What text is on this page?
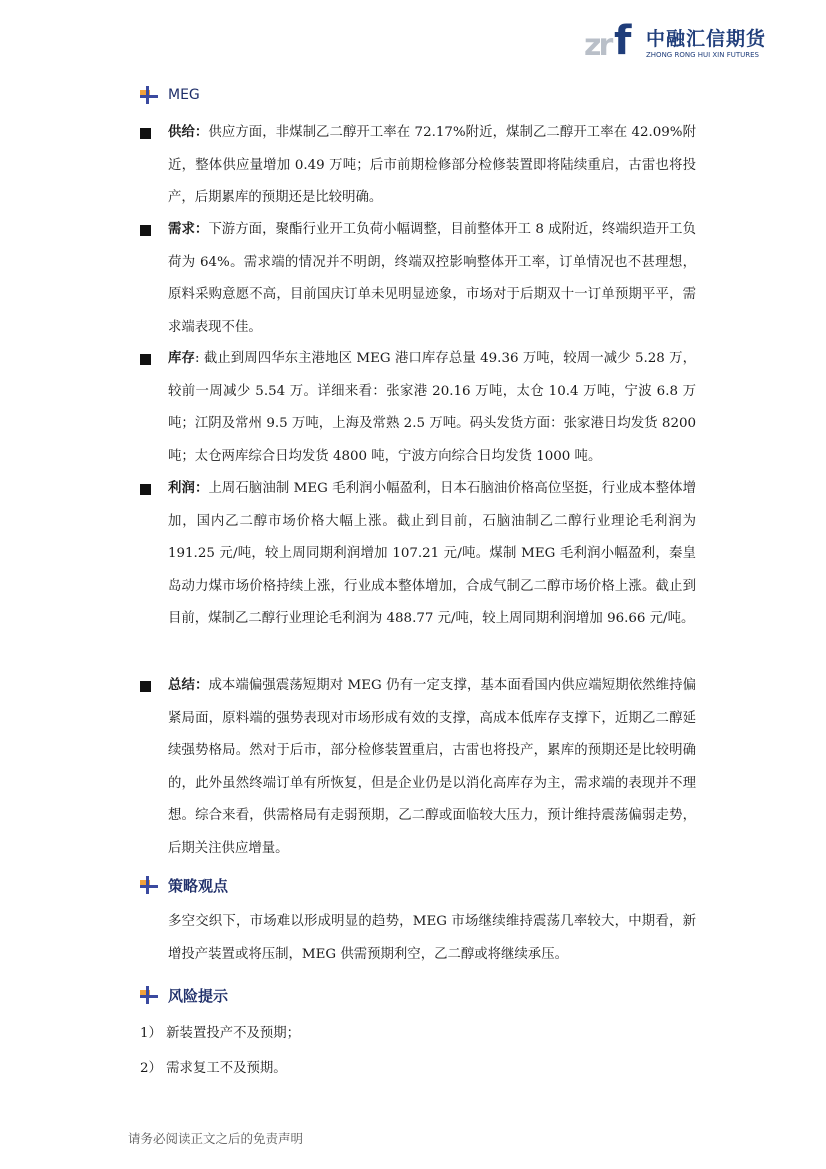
zr f 中融汇信期货
ZHONG RONG HUI XIN FUTURES
MEG

供给：供应方面，非煤制乙二醇开工率在 72.17%附近，煤制乙二醇开工率在 42.09%附近，整体供应量增加 0.49 万吨；后市前期检修部分检修装置即将陆续重启，古雷也将投产，后期累库的预期还是比较明确。

需求：下游方面，聚酯行业开工负荷小幅调整，目前整体开工 8 成附近，终端织造开工负荷为 64%。需求端的情况并不明朗，终端双控影响整体开工率，订单情况也不甚理想，原料采购意愿不高，目前国庆订单未见明显迹象，市场对于后期双十一订单预期平平，需求端表现不佳。

库存: 截止到周四华东主港地区 MEG 港口库存总量 49.36 万吨，较周一减少 5.28 万，较前一周减少 5.54 万。详细来看：张家港 20.16 万吨，太仓 10.4 万吨，宁波 6.8 万吨；江阴及常州 9.5 万吨，上海及常熟 2.5 万吨。码头发货方面：张家港日均发货 8200 吨；太仓两库综合日均发货 4800 吨，宁波方向综合日均发货 1000 吨。

利润：上周石脑油制 MEG 毛利润小幅盈利，日本石脑油价格高位坚挺，行业成本整体增加，国内乙二醇市场价格大幅上涨。截止到目前，石脑油制乙二醇行业理论毛利润为 191.25 元/吨，较上周同期利润增加 107.21 元/吨。煤制 MEG 毛利润小幅盈利，秦皇岛动力煤市场价格持续上涨，行业成本整体增加，合成气制乙二醇市场价格上涨。截止到目前，煤制乙二醇行业理论毛利润为 488.77 元/吨，较上周同期利润增加 96.66 元/吨。

总结：成本端偏强震荡短期对 MEG 仍有一定支撑，基本面看国内供应端短期依然维持偏紧局面，原料端的强势表现对市场形成有效的支撑，高成本低库存支撑下，近期乙二醇延续强势格局。然对于后市，部分检修装置重启，古雷也将投产，累库的预期还是比较明确的，此外虽然终端订单有所恢复，但是企业仍是以消化高库存为主，需求端的表现并不理想。综合来看，供需格局有走弱预期，乙二醇或面临较大压力，预计维持震荡偏弱走势，后期关注供应增量。

策略观点

多空交织下，市场难以形成明显的趋势，MEG 市场继续维持震荡几率较大，中期看，新增投产装置或将压制，MEG 供需预期利空，乙二醇或将继续承压。

风险提示
1） 新装置投产不及预期；
2） 需求复工不及预期。
请务必阅读正文之后的免责声明
